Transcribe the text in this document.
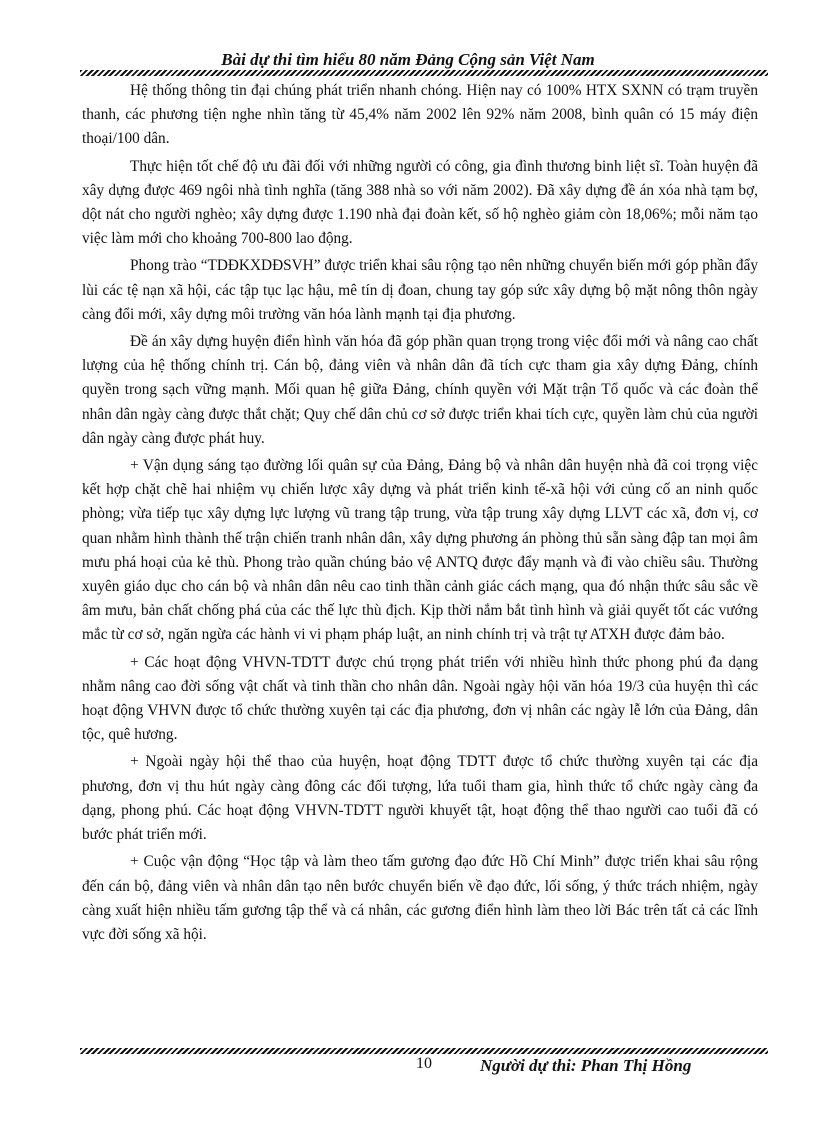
Bài dự thi tìm hiểu 80 năm Đảng Cộng sản Việt Nam

Hệ thống thông tin đại chúng phát triển nhanh chóng. Hiện nay có 100% HTX SXNN có trạm truyền thanh, các phương tiện nghe nhìn tăng từ 45,4% năm 2002 lên 92% năm 2008, bình quân có 15 máy điện thoại/100 dân.

Thực hiện tốt chế độ ưu đãi đối với những người có công, gia đình thương binh liệt sĩ. Toàn huyện đã xây dựng được 469 ngôi nhà tình nghĩa (tăng 388 nhà so với năm 2002). Đã xây dựng đề án xóa nhà tạm bợ, dột nát cho người nghèo; xây dựng được 1.190 nhà đại đoàn kết, số hộ nghèo giảm còn 18,06%; mỗi năm tạo việc làm mới cho khoảng 700-800 lao động.

Phong trào “TDĐKXDĐSVH” được triển khai sâu rộng tạo nên những chuyển biến mới góp phần đẩy lùi các tệ nạn xã hội, các tập tục lạc hậu, mê tín dị đoan, chung tay góp sức xây dựng bộ mặt nông thôn ngày càng đổi mới, xây dựng môi trường văn hóa lành mạnh tại địa phương.

Đề án xây dựng huyện điển hình văn hóa đã góp phần quan trọng trong việc đổi mới và nâng cao chất lượng của hệ thống chính trị. Cán bộ, đảng viên và nhân dân đã tích cực tham gia xây dựng Đảng, chính quyền trong sạch vững mạnh. Mối quan hệ giữa Đảng, chính quyền với Mặt trận Tổ quốc và các đoàn thể nhân dân ngày càng được thắt chặt; Quy chế dân chủ cơ sở được triển khai tích cực, quyền làm chủ của người dân ngày càng được phát huy.

+ Vận dụng sáng tạo đường lối quân sự của Đảng, Đảng bộ và nhân dân huyện nhà đã coi trọng việc kết hợp chặt chẽ hai nhiệm vụ chiến lược xây dựng và phát triển kinh tế-xã hội với củng cố an ninh quốc phòng; vừa tiếp tục xây dựng lực lượng vũ trang tập trung, vừa tập trung xây dựng LLVT các xã, đơn vị, cơ quan nhằm hình thành thế trận chiến tranh nhân dân, xây dựng phương án phòng thủ sẵn sàng đập tan mọi âm mưu phá hoại của kẻ thù. Phong trào quần chúng bảo vệ ANTQ được đẩy mạnh và đi vào chiều sâu. Thường xuyên giáo dục cho cán bộ và nhân dân nêu cao tinh thần cảnh giác cách mạng, qua đó nhận thức sâu sắc về âm mưu, bản chất chống phá của các thế lực thù địch. Kịp thời nắm bắt tình hình và giải quyết tốt các vướng mắc từ cơ sở, ngăn ngừa các hành vi vi phạm pháp luật, an ninh chính trị và trật tự ATXH được đảm bảo.

+ Các hoạt động VHVN-TDTT được chú trọng phát triển với nhiều hình thức phong phú đa dạng nhằm nâng cao đời sống vật chất và tinh thần cho nhân dân. Ngoài ngày hội văn hóa 19/3 của huyện thì các hoạt động VHVN được tổ chức thường xuyên tại các địa phương, đơn vị nhân các ngày lễ lớn của Đảng, dân tộc, quê hương.

+ Ngoài ngày hội thể thao của huyện, hoạt động TDTT được tổ chức thường xuyên tại các địa phương, đơn vị thu hút ngày càng đông các đối tượng, lứa tuổi tham gia, hình thức tổ chức ngày càng đa dạng, phong phú. Các hoạt động VHVN-TDTT người khuyết tật, hoạt động thể thao người cao tuổi đã có bước phát triển mới.

+ Cuộc vận động “Học tập và làm theo tấm gương đạo đức Hồ Chí Minh” được triển khai sâu rộng đến cán bộ, đảng viên và nhân dân tạo nên bước chuyển biến về đạo đức, lối sống, ý thức trách nhiệm, ngày càng xuất hiện nhiều tấm gương tập thể và cá nhân, các gương điển hình làm theo lời Bác trên tất cả các lĩnh vực đời sống xã hội.

10	Người dự thi: Phan Thị Hồng
